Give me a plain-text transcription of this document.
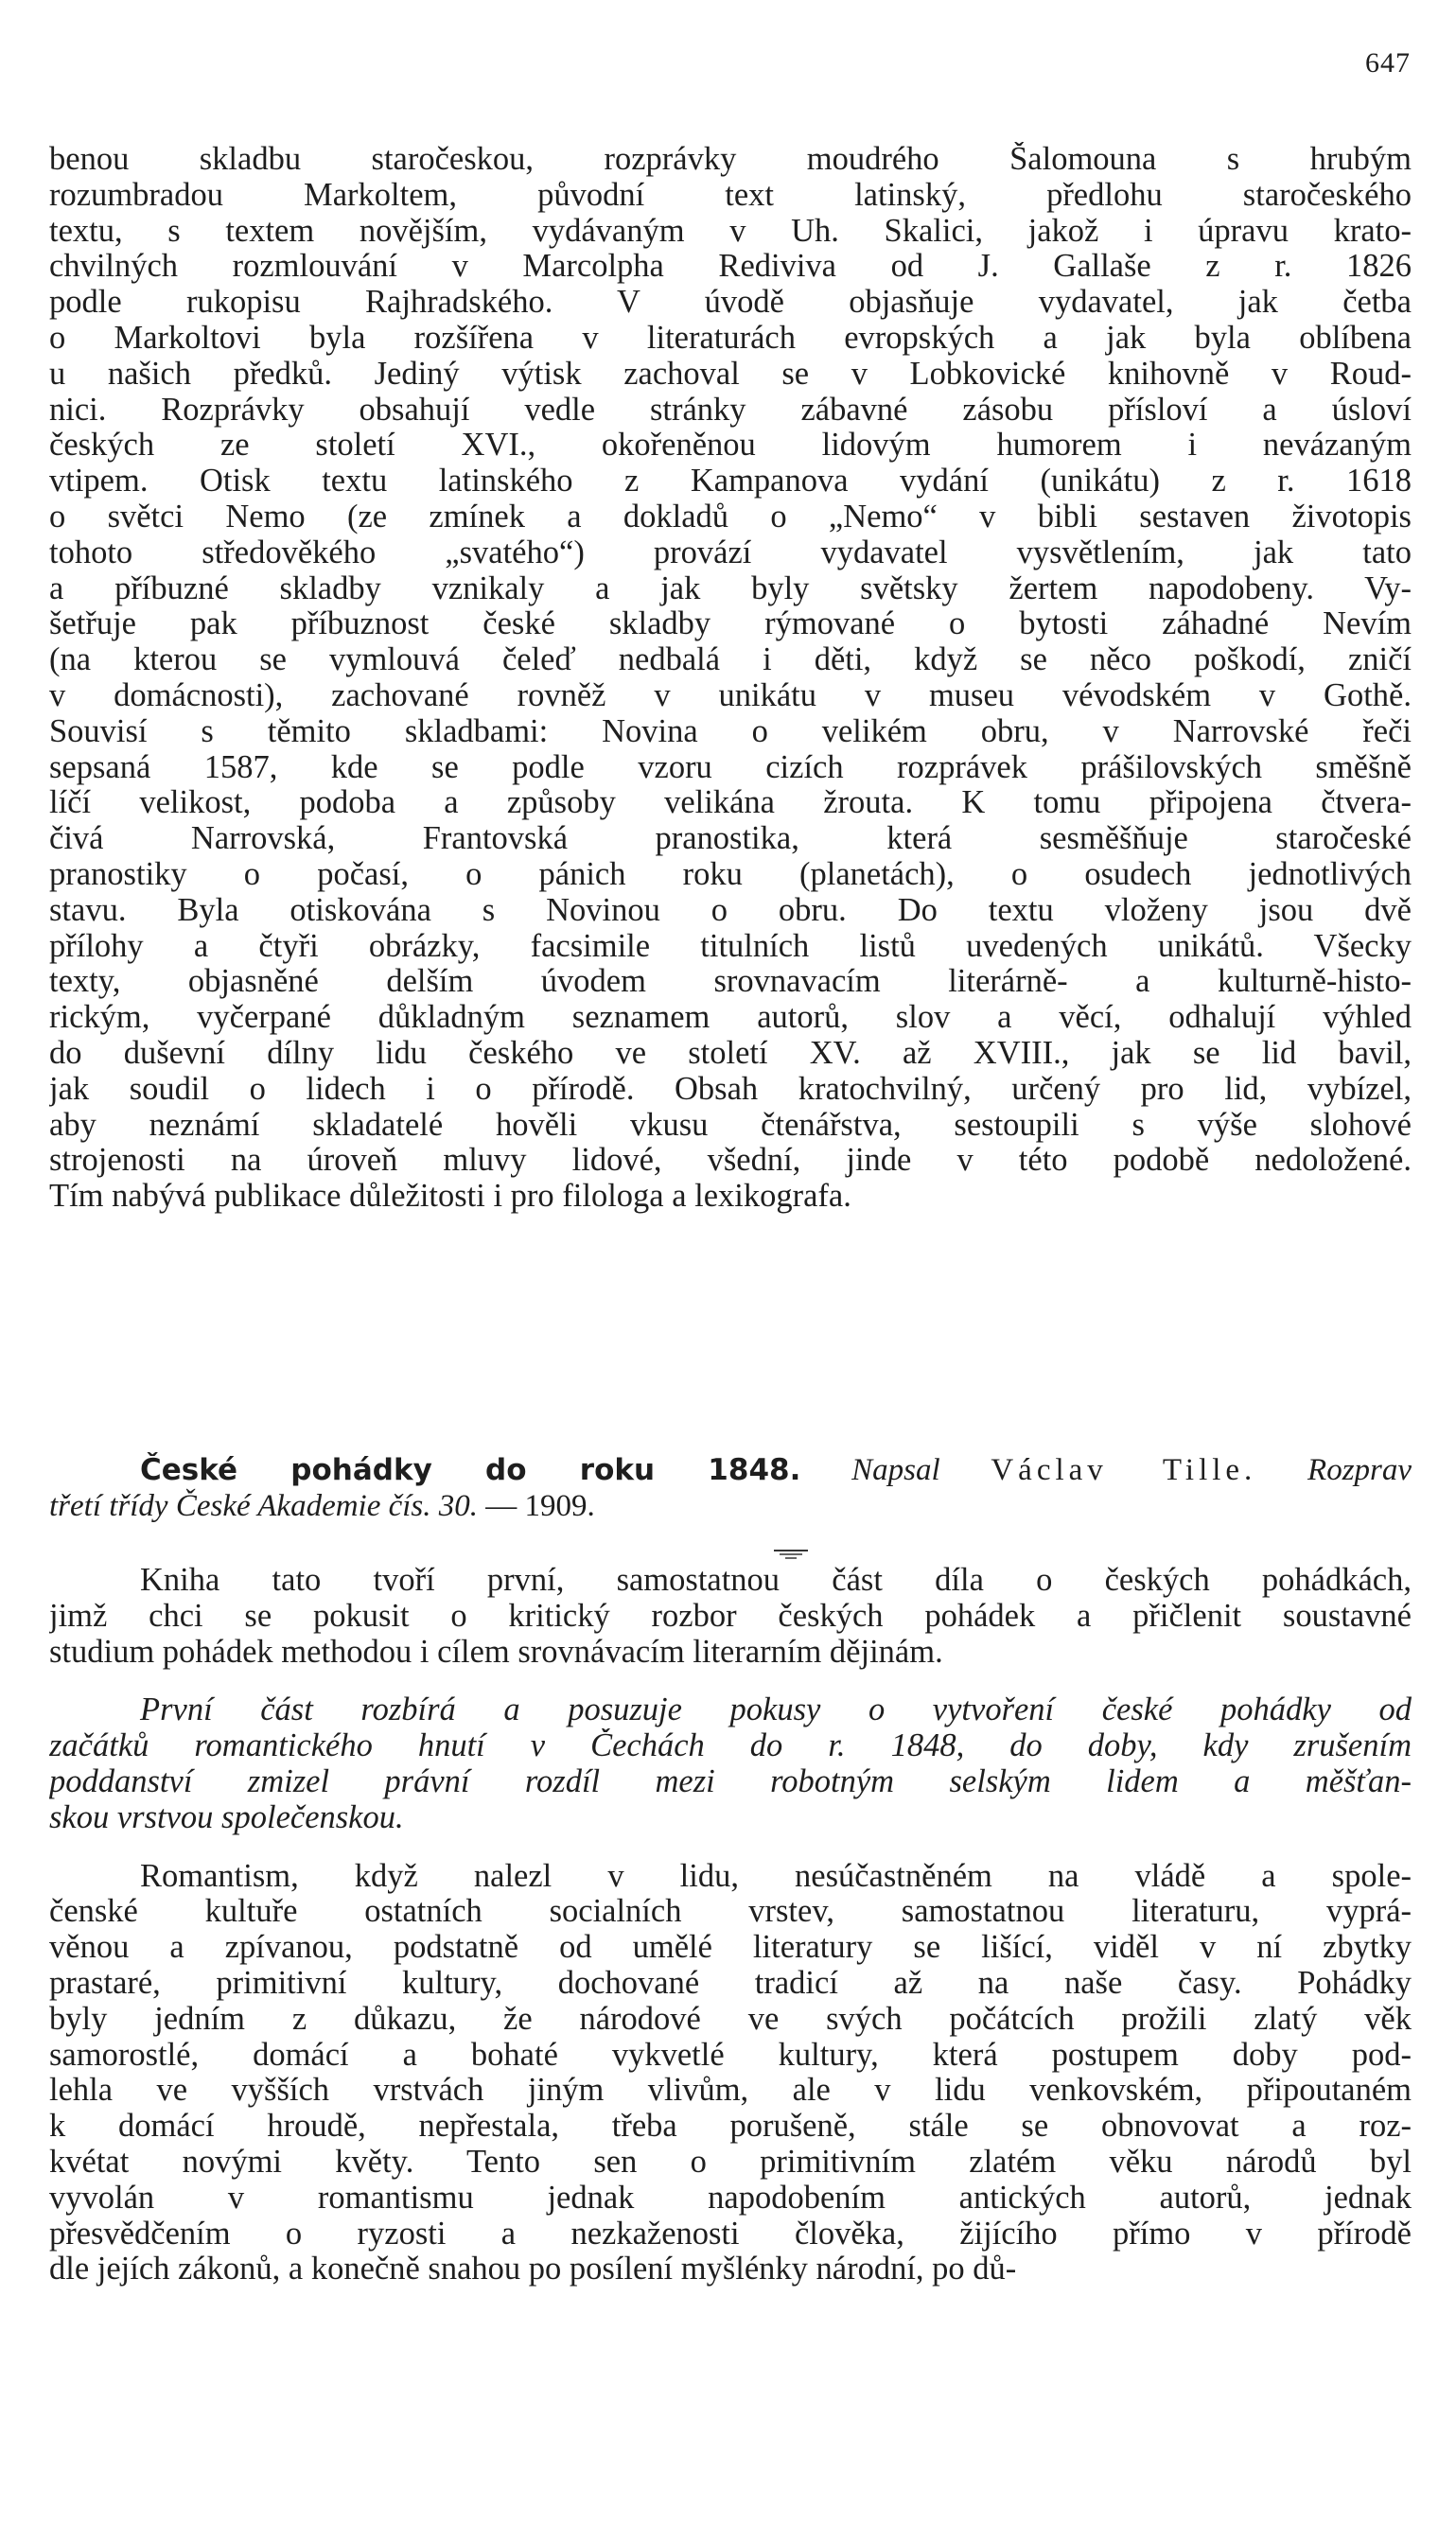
647
benou skladbu staročeskou, rozprávky moudrého Šalomouna s hrubým
rozumbradou Markoltem, původní text latinský, předlohu staročeského
textu, s textem novějším, vydávaným v Uh. Skalici, jakož i úpravu krato-
chvilných rozmlouvání v Marcolpha Rediviva od J. Gallaše z r. 1826
podle rukopisu Rajhradského. V úvodě objasňuje vydavatel, jak četba
o Markoltovi byla rozšířena v literaturách evropských a jak byla oblíbena
u našich předků. Jediný výtisk zachoval se v Lobkovické knihovně v Roud-
nici. Rozprávky obsahují vedle stránky zábavné zásobu přísloví a úsloví
českých ze století XVI., okořeněnou lidovým humorem i nevázaným
vtipem. Otisk textu latinského z Kampanova vydání (unikátu) z r. 1618
o světci Nemo (ze zmínek a dokladů o „Nemo“ v bibli sestaven životopis
tohoto středověkého „svatého“) provází vydavatel vysvětlením, jak tato
a příbuzné skladby vznikaly a jak byly světsky žertem napodobeny. Vy-
šetřuje pak příbuznost české skladby rýmované o bytosti záhadné Nevím
(na kterou se vymlouvá čeleď nedbalá i děti, když se něco poškodí, zničí
v domácnosti), zachované rovněž v unikátu v museu vévodském v Gothě.
Souvisí s těmito skladbami: Novina o velikém obru, v Narrovské řeči
sepsaná 1587, kde se podle vzoru cizích rozprávek prášilovských směšně
líčí velikost, podoba a způsoby velikána žrouta. K tomu připojena čtvera-
čivá Narrovská, Frantovská pranostika, která sesměšňuje staročeské
pranostiky o počasí, o pánich roku (planetách), o osudech jednotlivých
stavu. Byla otiskována s Novinou o obru. Do textu vloženy jsou dvě
přílohy a čtyři obrázky, facsimile titulních listů uvedených unikátů. Všecky
texty, objasněné delším úvodem srovnavacím literárně- a kulturně-histo-
rickým, vyčerpané důkladným seznamem autorů, slov a věcí, odhalují výhled
do duševní dílny lidu českého ve století XV. až XVIII., jak se lid bavil,
jak soudil o lidech i o přírodě. Obsah kratochvilný, určený pro lid, vybízel,
aby neznámí skladatelé hověli vkusu čtenářstva, sestoupili s výše slohové
strojenosti na úroveň mluvy lidové, všední, jinde v této podobě nedoložené.
Tím nabývá publikace důležitosti i pro filologa a lexikografa.
České pohádky do roku 1848. Napsal Václav Tille. Rozprav
třetí třídy České Akademie čís. 30. — 1909.
Kniha tato tvoří první, samostatnou část díla o českých pohádkách,
jimž chci se pokusit o kritický rozbor českých pohádek a přičlenit soustavné
studium pohádek methodou i cílem srovnávacím literarním dějinám.
První část rozbírá a posuzuje pokusy o vytvoření české pohádky od
začátků romantického hnutí v Čechách do r. 1848, do doby, kdy zrušením
poddanství zmizel právní rozdíl mezi robotným selským lidem a měšťan-
skou vrstvou společenskou.
Romantism, když nalezl v lidu, nesúčastněném na vládě a spole-
čenské kultuře ostatních socialních vrstev, samostatnou literaturu, vyprá-
věnou a zpívanou, podstatně od umělé literatury se lišící, viděl v ní zbytky
prastaré, primitivní kultury, dochované tradicí až na naše časy. Pohádky
byly jedním z důkazu, že národové ve svých počátcích prožili zlatý věk
samorostlé, domácí a bohaté vykvetlé kultury, která postupem doby pod-
lehla ve vyšších vrstvách jiným vlivům, ale v lidu venkovském, připoutaném
k domácí hroudě, nepřestala, třeba porušeně, stále se obnovovat a roz-
kvétat novými květy. Tento sen o primitivním zlatém věku národů byl
vyvolán v romantismu jednak napodobením antických autorů, jednak
přesvědčením o ryzosti a nezkaženosti člověka, žijícího přímo v přírodě
dle jejích zákonů, a konečně snahou po posílení myšlénky národní, po dů-
